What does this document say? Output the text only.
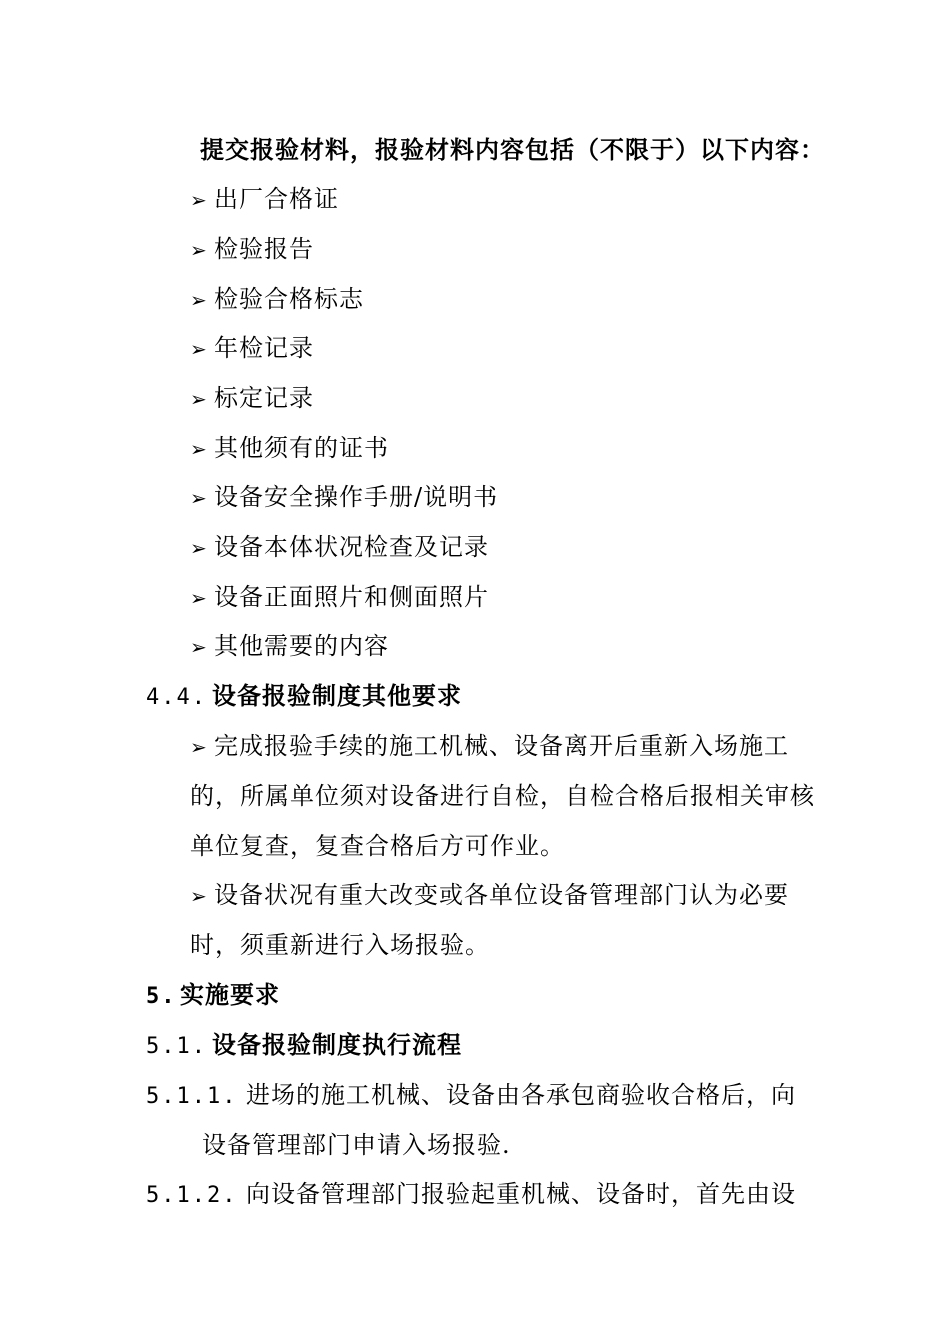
提交报验材料，报验材料内容包括（不限于）以下内容：

➢ 出厂合格证

➢ 检验报告

➢ 检验合格标志

➢ 年检记录

➢ 标定记录

➢ 其他须有的证书

➢ 设备安全操作手册/说明书

➢ 设备本体状况检查及记录

➢ 设备正面照片和侧面照片

➢ 其他需要的内容

4.4. 设备报验制度其他要求

➢ 完成报验手续的施工机械、设备离开后重新入场施工

的，所属单位须对设备进行自检，自检合格后报相关审核

单位复查，复查合格后方可作业。

➢ 设备状况有重大改变或各单位设备管理部门认为必要

时，须重新进行入场报验。

5. 实施要求

5.1. 设备报验制度执行流程

5.1.1. 进场的施工机械、设备由各承包商验收合格后，向

设备管理部门申请入场报验.

5.1.2. 向设备管理部门报验起重机械、设备时，首先由设
